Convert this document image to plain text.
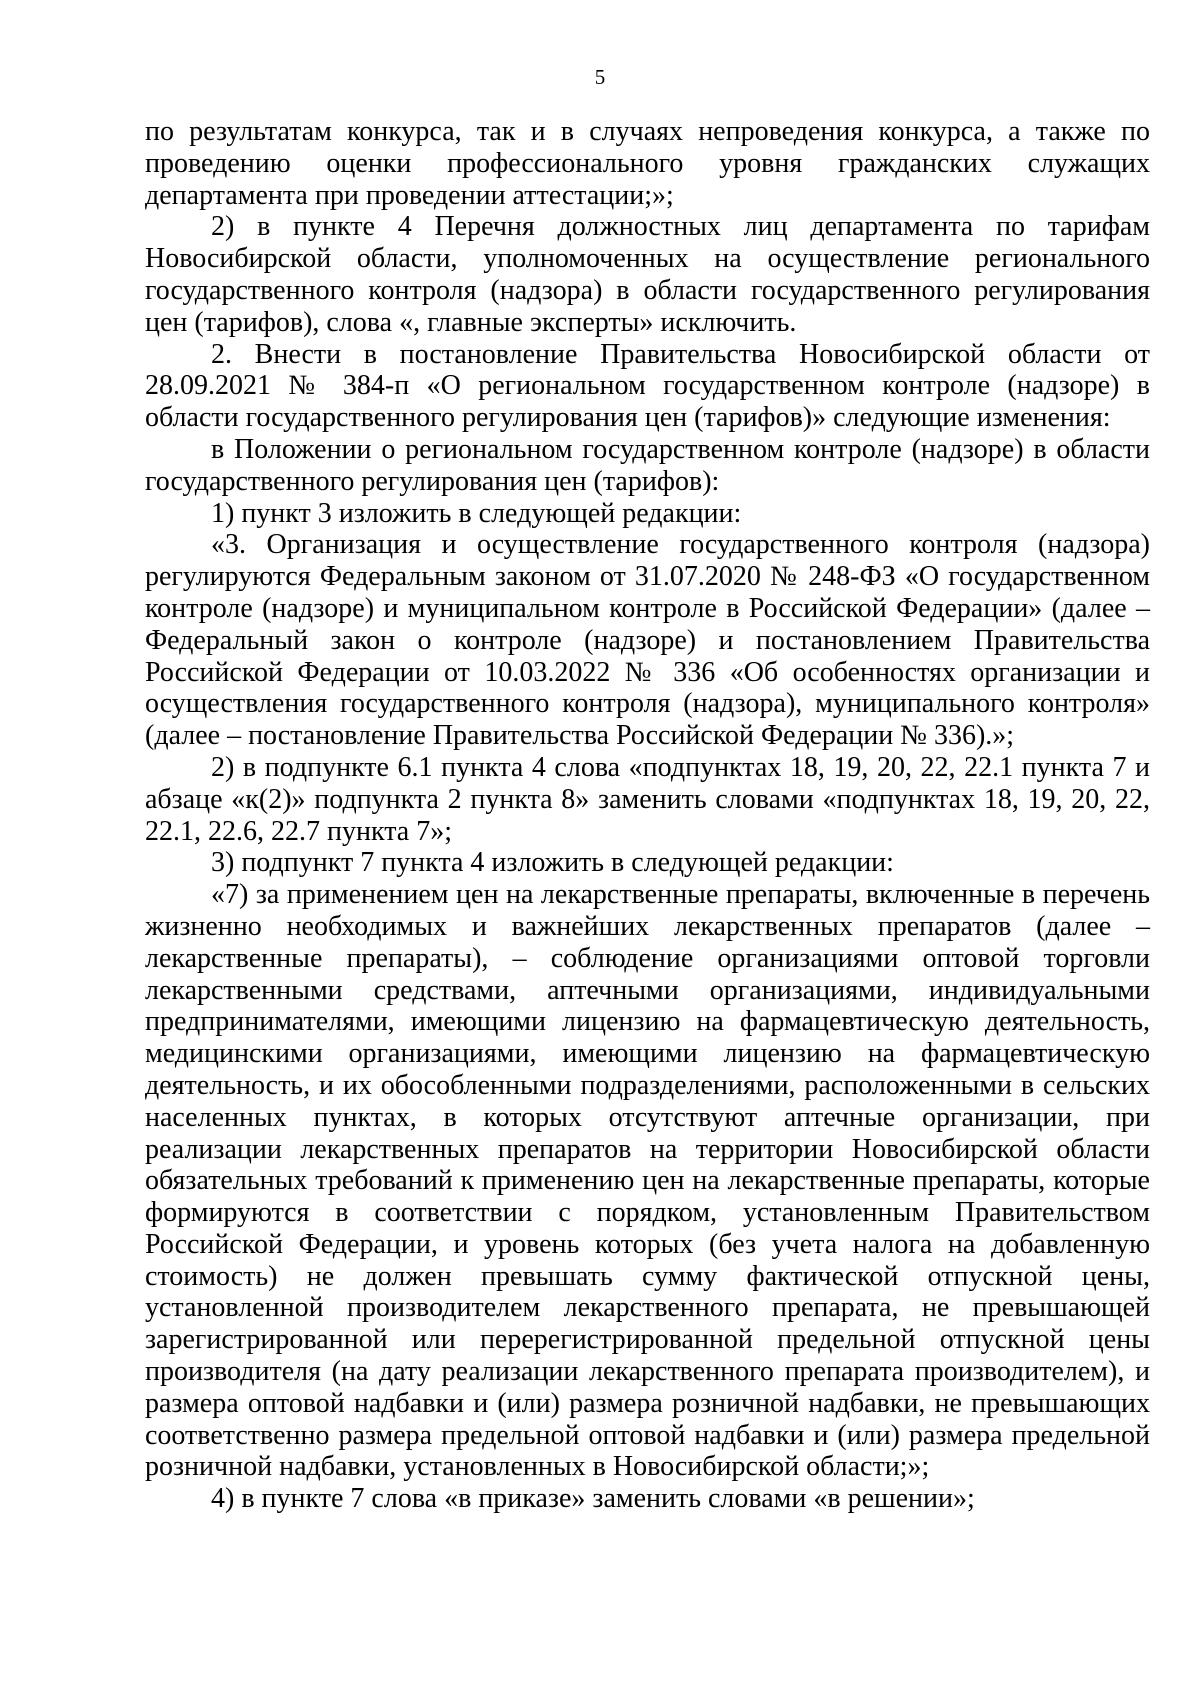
5

по результатам конкурса, так и в случаях непроведения конкурса, а также по проведению оценки профессионального уровня гражданских служащих департамента при проведении аттестации;»;

2) в пункте 4 Перечня должностных лиц департамента по тарифам Новосибирской области, уполномоченных на осуществление регионального государственного контроля (надзора) в области государственного регулирования цен (тарифов), слова «, главные эксперты» исключить.

2. Внести в постановление Правительства Новосибирской области от 28.09.2021 № 384-п «О региональном государственном контроле (надзоре) в области государственного регулирования цен (тарифов)» следующие изменения:

в Положении о региональном государственном контроле (надзоре) в области государственного регулирования цен (тарифов):

1) пункт 3 изложить в следующей редакции:

«3. Организация и осуществление государственного контроля (надзора) регулируются Федеральным законом от 31.07.2020 № 248-ФЗ «О государственном контроле (надзоре) и муниципальном контроле в Российской Федерации» (далее – Федеральный закон о контроле (надзоре) и постановлением Правительства Российской Федерации от 10.03.2022 № 336 «Об особенностях организации и осуществления государственного контроля (надзора), муниципального контроля» (далее – постановление Правительства Российской Федерации № 336).»;

2) в подпункте 6.1 пункта 4 слова «подпунктах 18, 19, 20, 22, 22.1 пункта 7 и абзаце «к(2)» подпункта 2 пункта 8» заменить словами «подпунктах 18, 19, 20, 22, 22.1, 22.6, 22.7 пункта 7»;

3) подпункт 7 пункта 4 изложить в следующей редакции:

«7) за применением цен на лекарственные препараты, включенные в перечень жизненно необходимых и важнейших лекарственных препаратов (далее – лекарственные препараты), – соблюдение организациями оптовой торговли лекарственными средствами, аптечными организациями, индивидуальными предпринимателями, имеющими лицензию на фармацевтическую деятельность, медицинскими организациями, имеющими лицензию на фармацевтическую деятельность, и их обособленными подразделениями, расположенными в сельских населенных пунктах, в которых отсутствуют аптечные организации, при реализации лекарственных препаратов на территории Новосибирской области обязательных требований к применению цен на лекарственные препараты, которые формируются в соответствии с порядком, установленным Правительством Российской Федерации, и уровень которых (без учета налога на добавленную стоимость) не должен превышать сумму фактической отпускной цены, установленной производителем лекарственного препарата, не превышающей зарегистрированной или перерегистрированной предельной отпускной цены производителя (на дату реализации лекарственного препарата производителем), и размера оптовой надбавки и (или) размера розничной надбавки, не превышающих соответственно размера предельной оптовой надбавки и (или) размера предельной розничной надбавки, установленных в Новосибирской области;»;

4) в пункте 7 слова «в приказе» заменить словами «в решении»;
